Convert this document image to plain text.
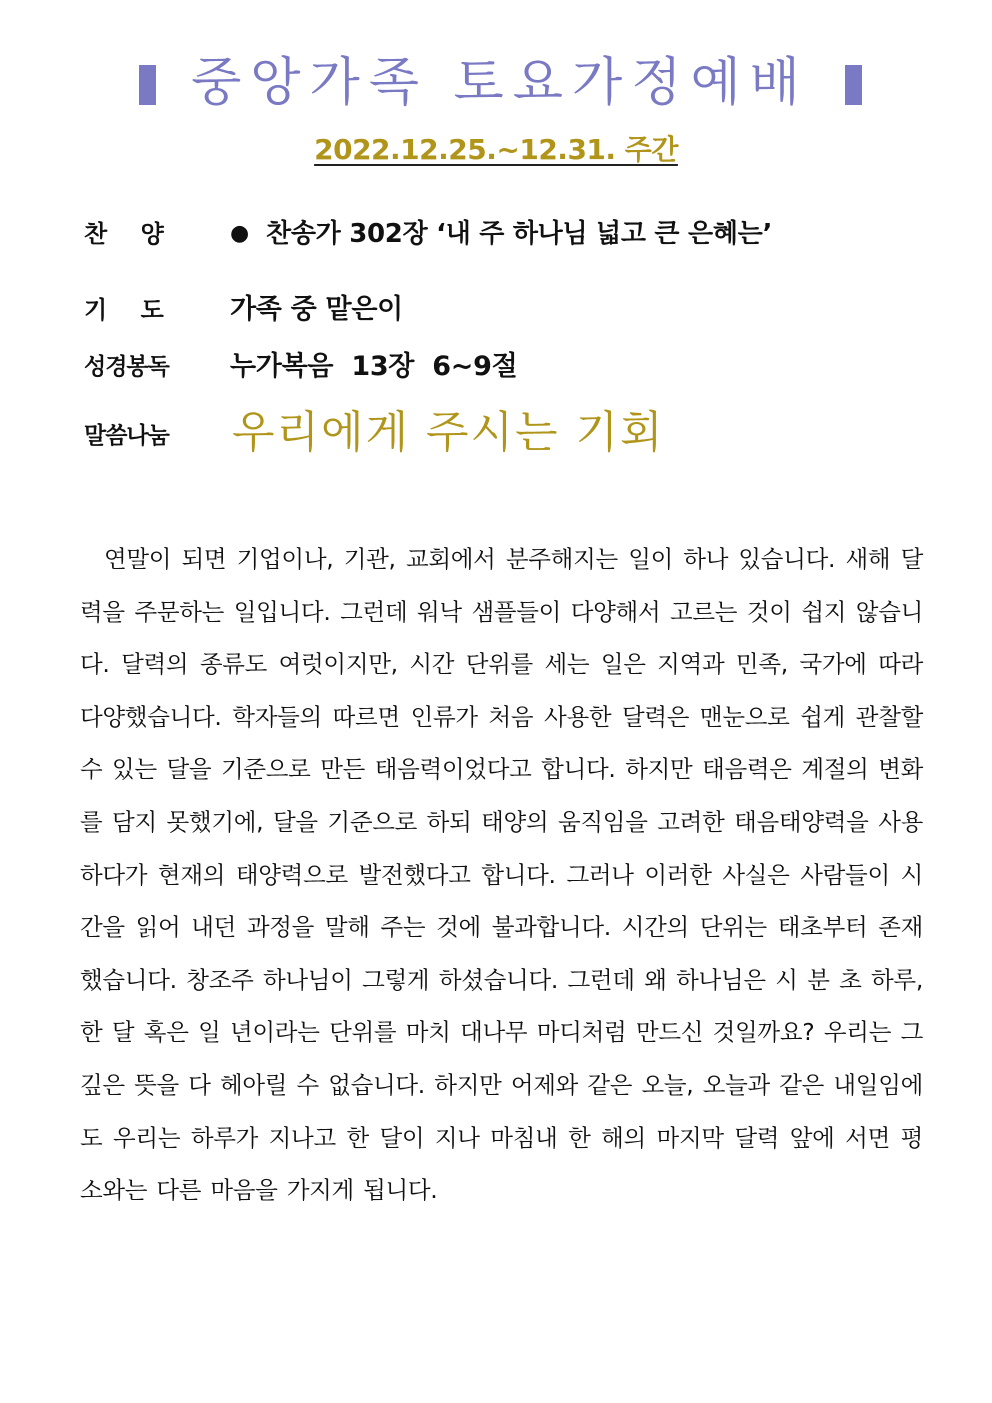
중앙가족 토요가정예배
2022.12.25.~12.31. 주간
찬    양	● 찬송가 302장 ‘내 주 하나님 넓고 큰 은혜는’
기    도	가족 중 맡은이
성경봉독	누가복음  13장  6~9절
말씀나눔	우리에게 주시는 기회
연말이 되면 기업이나, 기관, 교회에서 분주해지는 일이 하나 있습니다. 새해 달력을 주문하는 일입니다. 그런데 워낙 샘플들이 다양해서 고르는 것이 쉽지 않습니다. 달력의 종류도 여럿이지만, 시간 단위를 세는 일은 지역과 민족, 국가에 따라 다양했습니다. 학자들의 따르면 인류가 처음 사용한 달력은 맨눈으로 쉽게 관찰할 수 있는 달을 기준으로 만든 태음력이었다고 합니다. 하지만 태음력은 계절의 변화를 담지 못했기에, 달을 기준으로 하되 태양의 움직임을 고려한 태음태양력을 사용하다가 현재의 태양력으로 발전했다고 합니다. 그러나 이러한 사실은 사람들이 시간을 읽어 내던 과정을 말해 주는 것에 불과합니다. 시간의 단위는 태초부터 존재했습니다. 창조주 하나님이 그렇게 하셨습니다. 그런데 왜 하나님은 시 분 초 하루, 한 달 혹은 일 년이라는 단위를 마치 대나무 마디처럼 만드신 것일까요? 우리는 그 깊은 뜻을 다 헤아릴 수 없습니다. 하지만 어제와 같은 오늘, 오늘과 같은 내일임에도 우리는 하루가 지나고 한 달이 지나 마침내 한 해의 마지막 달력 앞에 서면 평소와는 다른 마음을 가지게 됩니다.
